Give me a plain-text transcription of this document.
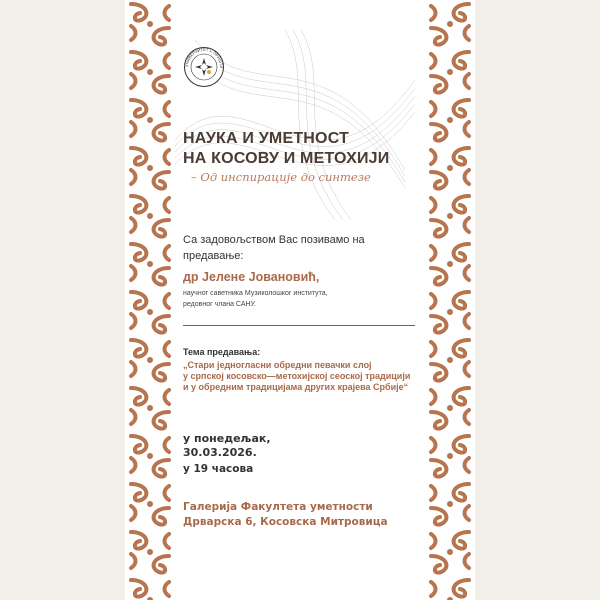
УНИВЕРЗИТЕТ У ПРИШТИ
НАУКА И УМЕТНОСТ
НА КОСОВУ И МЕТОХИЈИ
– Од инспирације до синтезе
Са задовољством Вас позивамо на предавање:
др Јелене Јовановић,
научног саветника Музиколошког института,
редовног члана САНУ.
Тема предавања:
„Стари једногласни обредни певачки слој
у српској косовско—метохијској сеоској традицији
и у обредним традицијама других крајева Србије“
у понедељак,
30.03.2026.
у 19 часова
Галерија Факултета уметности
Дрварска 6, Косовска Митровица
